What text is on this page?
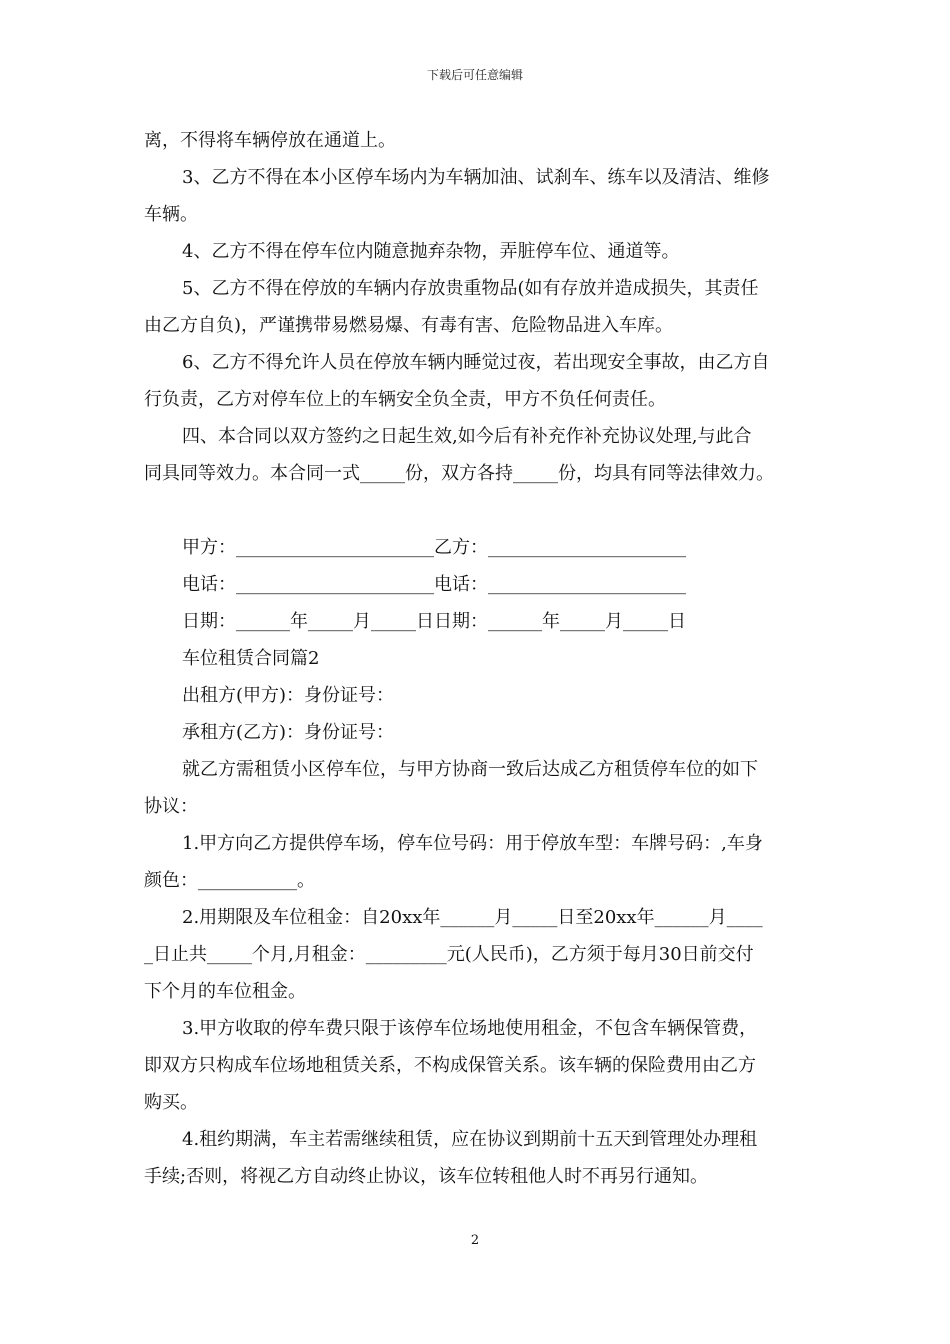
下载后可任意编辑

离，不得将车辆停放在通道上。

3、乙方不得在本小区停车场内为车辆加油、试刹车、练车以及清洁、维修

车辆。

4、乙方不得在停车位内随意抛弃杂物，弄脏停车位、通道等。

5、乙方不得在停放的车辆内存放贵重物品(如有存放并造成损失，其责任

由乙方自负)，严谨携带易燃易爆、有毒有害、危险物品进入车库。

6、乙方不得允许人员在停放车辆内睡觉过夜，若出现安全事故，由乙方自

行负责，乙方对停车位上的车辆安全负全责，甲方不负任何责任。

四、本合同以双方签约之日起生效,如今后有补充作补充协议处理,与此合

同具同等效力。本合同一式_____份，双方各持_____份，均具有同等法律效力。

甲方：______________________乙方：______________________

电话：______________________电话：______________________

日期：______年_____月_____日日期：______年_____月_____日

车位租赁合同篇2

出租方(甲方)：身份证号：

承租方(乙方)：身份证号：

就乙方需租赁小区停车位，与甲方协商一致后达成乙方租赁停车位的如下

协议：

1.甲方向乙方提供停车场，停车位号码：用于停放车型：车牌号码：,车身

颜色：___________。

2.用期限及车位租金：自20xx年______月_____日至20xx年______月____

_日止共_____个月,月租金：_________元(人民币)，乙方须于每月30日前交付

下个月的车位租金。

3.甲方收取的停车费只限于该停车位场地使用租金，不包含车辆保管费，

即双方只构成车位场地租赁关系，不构成保管关系。该车辆的保险费用由乙方

购买。

4.租约期满，车主若需继续租赁，应在协议到期前十五天到管理处办理租

手续;否则，将视乙方自动终止协议，该车位转租他人时不再另行通知。

2
